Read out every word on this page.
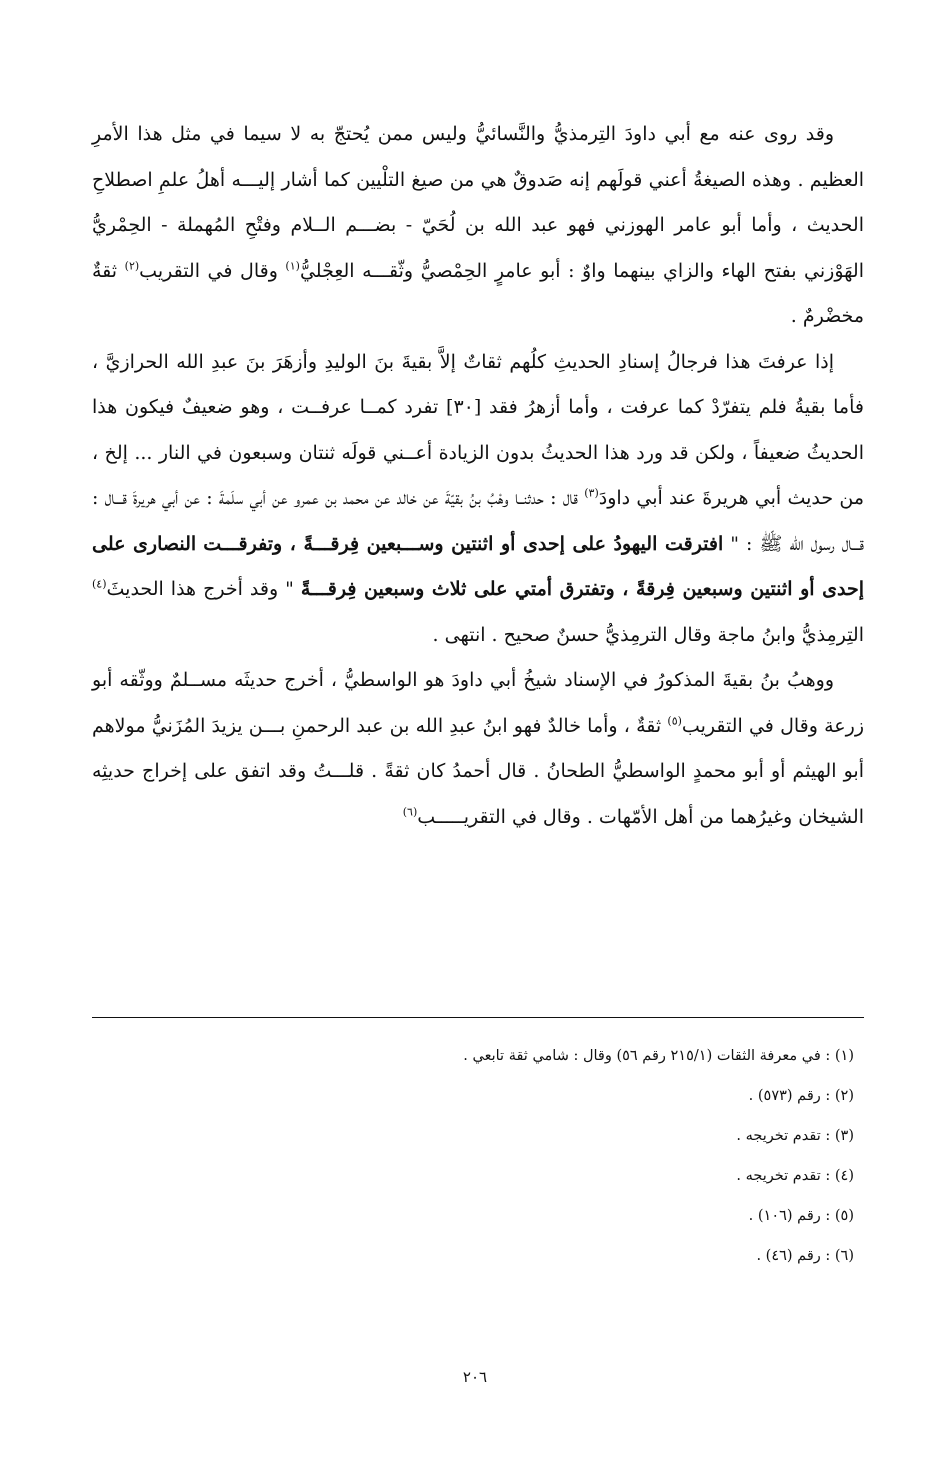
وقد روى عنه مع أبي داودَ التِرمذيُّ والنَّسائيُّ وليس ممن يُحتجّ به لا سيما في مثل هذا الأمرِ العظيم . وهذه الصيغةُ أعني قولَهم إنه صَدوقٌ هي من صيغ التلْيين كما أشار إليـــه أهلُ علمِ اصطلاحِ الحديث ، وأما أبو عامر الهوزني فهو عبد الله بن لُحَيّ - بضـــم الــلام وفتْحِ المُهملة - الحِمْريُّ الهَوْزني بفتح الهاء والزاي بينهما واوٌ : أبو عامرٍ الحِمْصيُّ وثّقـــه العِجْليُّ$^{(١)}$ وقال في التقريب$^{(٢)}$ ثقةٌ مخضْرمٌ .

إذا عرفتَ هذا فرجالُ إسنادِ الحديثِ كلُهم ثقاتٌ إلاَّ بقيةَ بنَ الوليدِ وأزهَرَ بنَ عبدِ الله الحرازيَّ ، فأما بقيةُ فلم يتفرّدْ كما عرفت ، وأما أزهرُ فقد [٣٠] تفرد كمــا عرفــت ، وهو ضعيفٌ فيكون هذا الحديثُ ضعيفاً ، ولكن قد ورد هذا الحديثُ بدون الزيادة أعــني قولَه ثنتان وسبعون في النار ... إلخ ، من حديث أبي هريرةَ عند أبي داودَ$^{(٣)}$ قال : حدثنــا وهْبُ بنُ بقيّةَ عن خالد عن محمد بن عمرو عن أبي سلَمةَ : عن أبي هريرةَ قـــال : قـــال رسول الله ﷺ : " افترقت اليهودُ على إحدى أو اثنتين وســـبعين فِرقـــةً ، وتفرقـــت النصارى على إحدى أو اثنتين وسبعين فِرقةً ، وتفترق أمتي على ثلاث وسبعين فِرقـــةً " وقد أخرج هذا الحديثَ$^{(٤)}$ التِرمِذيُّ وابنُ ماجة وقال الترمِذيُّ حسنٌ صحيح . انتهى .

ووهبُ بنُ بقيةَ المذكورُ في الإسناد شيخُ أبي داودَ هو الواسطيُّ ، أخرج حديثَه مســلمٌ ووثّقه أبو زرعة وقال في التقريب$^{(٥)}$ ثقةٌ ، وأما خالدٌ فهو ابنُ عبدِ الله بن عبد الرحمنِ بـــن يزيدَ المُزَنيُّ مولاهم أبو الهيثم أو أبو محمدٍ الواسطيُّ الطحانُ . قال أحمدُ كان ثقةً . قلـــتُ وقد اتفق على إخراج حديثِه الشيخان وغيرُهما من أهل الأمّهات . وقال في التقريـــــب$^{(٦)}$

(١) : في معرفة الثقات (٢١٥/١ رقم ٥٦) وقال : شامي ثقة تابعي .

(٢) : رقم (٥٧٣) .

(٣) : تقدم تخريجه .

(٤) : تقدم تخريجه .

(٥) : رقم (١٠٦) .

(٦) : رقم (٤٦) .

٢٠٦
